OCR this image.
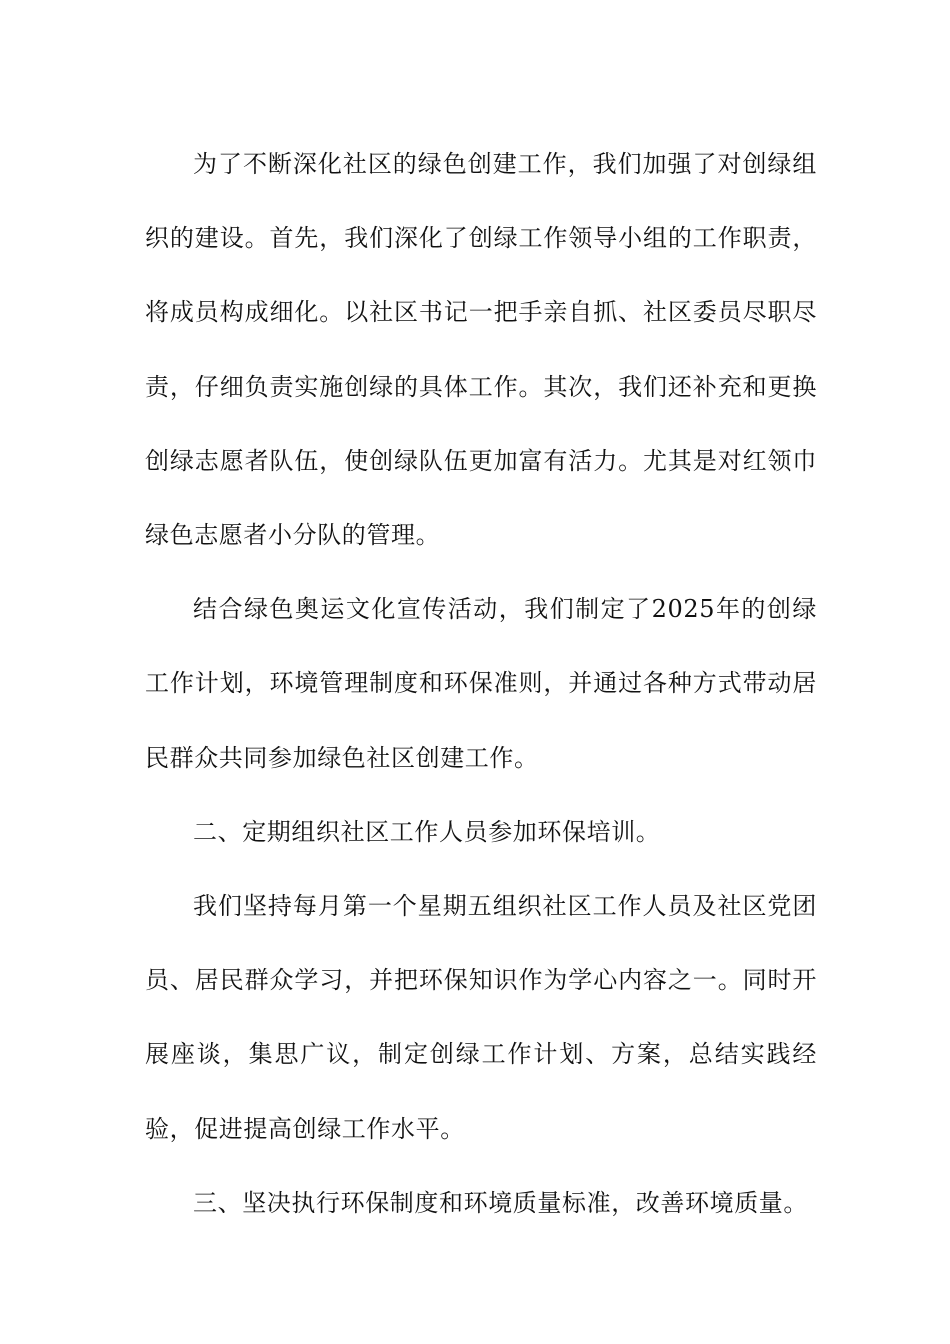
为了不断深化社区的绿色创建工作，我们加强了对创绿组织的建设。首先，我们深化了创绿工作领导小组的工作职责，将成员构成细化。以社区书记一把手亲自抓、社区委员尽职尽责，仔细负责实施创绿的具体工作。其次，我们还补充和更换创绿志愿者队伍，使创绿队伍更加富有活力。尤其是对红领巾绿色志愿者小分队的管理。

结合绿色奥运文化宣传活动，我们制定了2025年的创绿工作计划，环境管理制度和环保准则，并通过各种方式带动居民群众共同参加绿色社区创建工作。

二、定期组织社区工作人员参加环保培训。

我们坚持每月第一个星期五组织社区工作人员及社区党团员、居民群众学习，并把环保知识作为学心内容之一。同时开展座谈，集思广议，制定创绿工作计划、方案，总结实践经验，促进提高创绿工作水平。

三、坚决执行环保制度和环境质量标准，改善环境质量。
